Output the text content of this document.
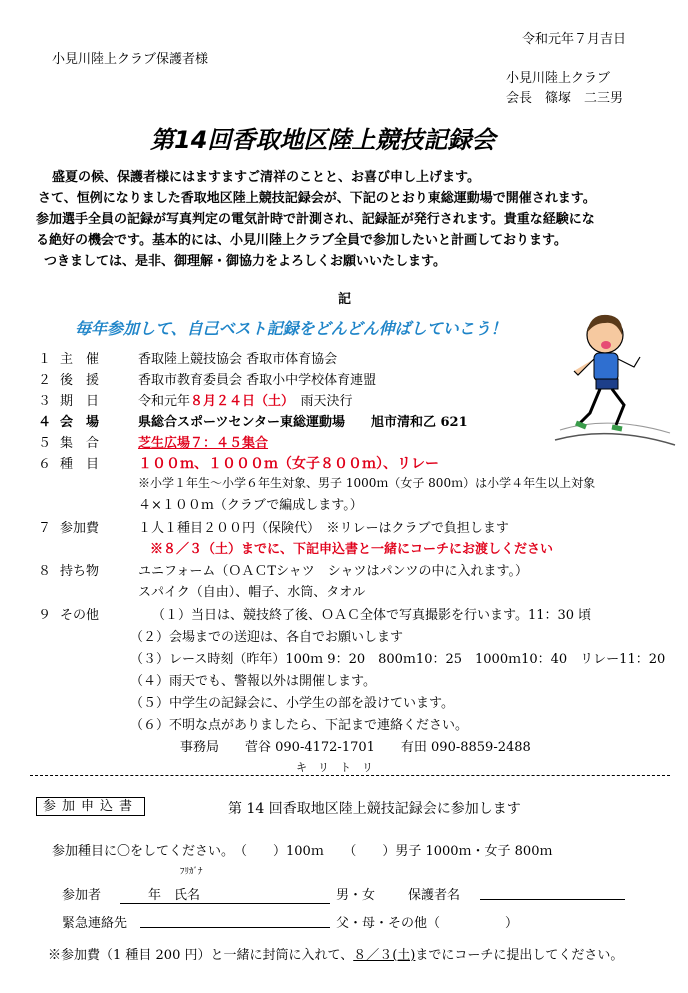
令和元年７月吉日
小見川陸上クラブ保護者様
小見川陸上クラブ
会長　篠塚　二三男
第14回香取地区陸上競技記録会
盛夏の候、保護者様にはますますご清祥のことと、お喜び申し上げます。
さて、恒例になりました香取地区陸上競技記録会が、下記のとおり東総運動場で開催されます。
参加選手全員の記録が写真判定の電気計時で計測され、記録証が発行されます。貴重な経験にな
る絶好の機会です。基本的には、小見川陸上クラブ全員で参加したいと計画しております。
つきましては、是非、御理解・御協力をよろしくお願いいたします。
記
毎年参加して、自己ベスト記録をどんどん伸ばしていこう！
１ 主　催	香取陸上競技協会 香取市体育協会
２ 後　援	香取市教育委員会 香取小中学校体育連盟
３ 期　日	令和元年８月２４日（土）　雨天決行
４ 会　場	県総合スポーツセンター東総運動場　　旭市清和乙 621
５ 集　合	芝生広場７：４５集合
６ 種　目	１００ｍ、１０００ｍ（女子８００ｍ）、リレー
※小学１年生～小学６年生対象、男子 1000ｍ（女子 800ｍ）は小学４年生以上対象
４×１００ｍ（クラブで編成します。）
７ 参加費	１人１種目２００円（保険代）　※リレーはクラブで負担します
※８／３（土）までに、下記申込書と一緒にコーチにお渡しください
８ 持ち物	ユニフォーム（ＯＡＣTシャツ　シャツはパンツの中に入れます。）
スパイク（自由）、帽子、水筒、タオル
９ その他	（１）当日は、競技終了後、ＯＡＣ全体で写真撮影を行います。11：30 頃
（２）会場までの送迎は、各自でお願いします
（３）レース時刻（昨年）100ｍ 9：20　800ｍ10：25　1000ｍ10：40　リレー11：20
（４）雨天でも、警報以外は開催します。
（５）中学生の記録会に、小学生の部を設けています。
（６）不明な点がありましたら、下記まで連絡ください。
事務局　　菅谷 090-4172-1701　　有田 090-8859-2488
キ　リ　ト　リ
参加申込書	第 14 回香取地区陸上競技記録会に参加します
参加種目に〇をしてください。　（　　）100ｍ　　（　　）男子 1000ｍ・女子 800ｍ
ﾌﾘｶﾞﾅ
参加者	年　氏名	男・女	保護者名
緊急連絡先	父・母・その他（　　　　　）
※参加費（1 種目 200 円）と一緒に封筒に入れて、８／３(土)までにコーチに提出してください。
